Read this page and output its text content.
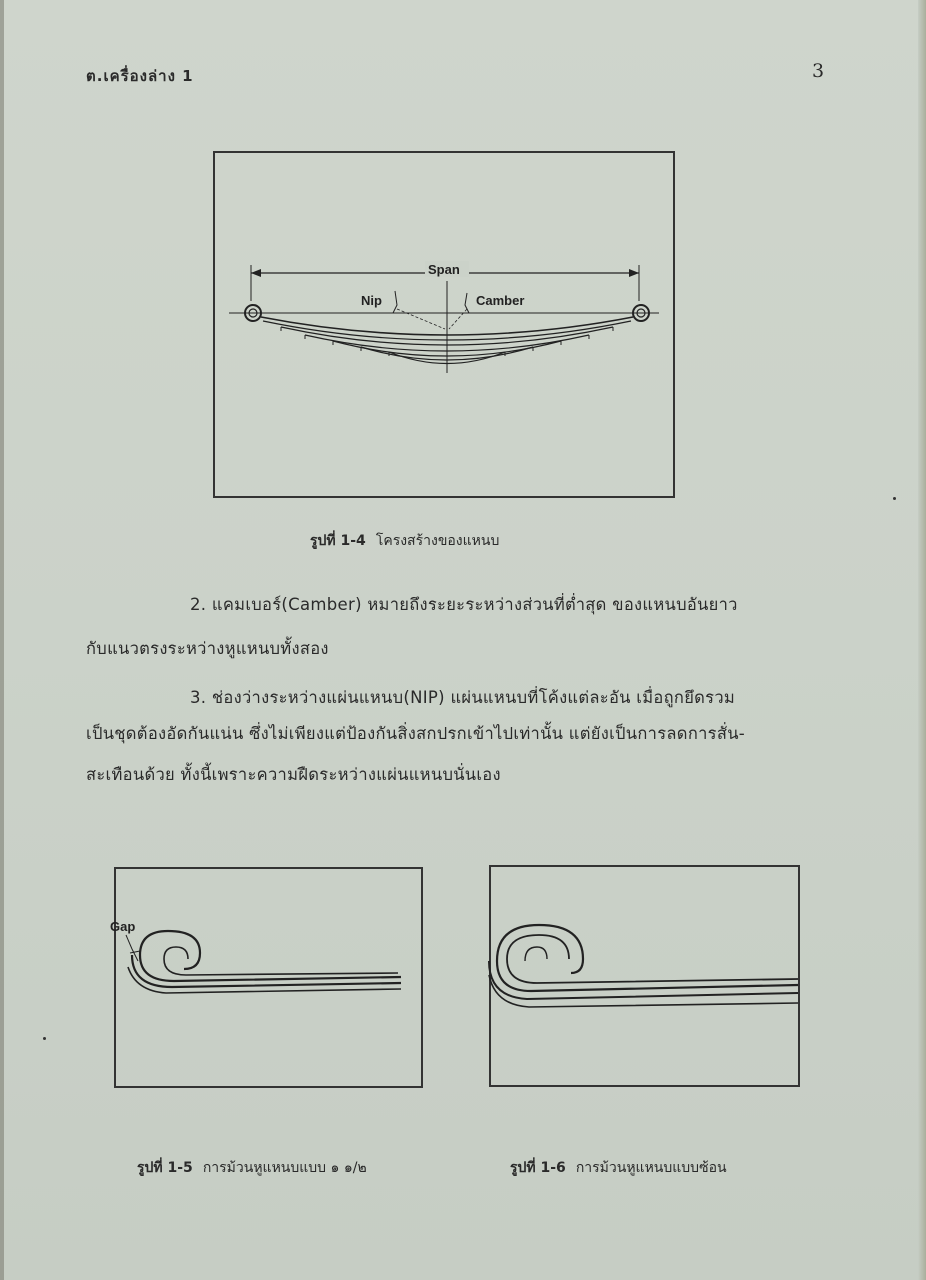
ต.เครื่องล่าง 1	3
Span
Nip	Camber
รูปที่ 1-4 โครงสร้างของแหนบ
2. แคมเบอร์(Camber) หมายถึงระยะระหว่างส่วนที่ต่ำสุด ของแหนบอันยาว
กับแนวตรงระหว่างหูแหนบทั้งสอง
3. ช่องว่างระหว่างแผ่นแหนบ(NIP) แผ่นแหนบที่โค้งแต่ละอัน เมื่อถูกยึดรวม
เป็นชุดต้องอัดกันแน่น ซึ่งไม่เพียงแต่ป้องกันสิ่งสกปรกเข้าไปเท่านั้น แต่ยังเป็นการลดการสั่น-
สะเทือนด้วย ทั้งนี้เพราะความฝืดระหว่างแผ่นแหนบนั่นเอง
Gap
รูปที่ 1-5 การม้วนหูแหนบแบบ ๑ ๑/๒	รูปที่ 1-6 การม้วนหูแหนบแบบซ้อน
